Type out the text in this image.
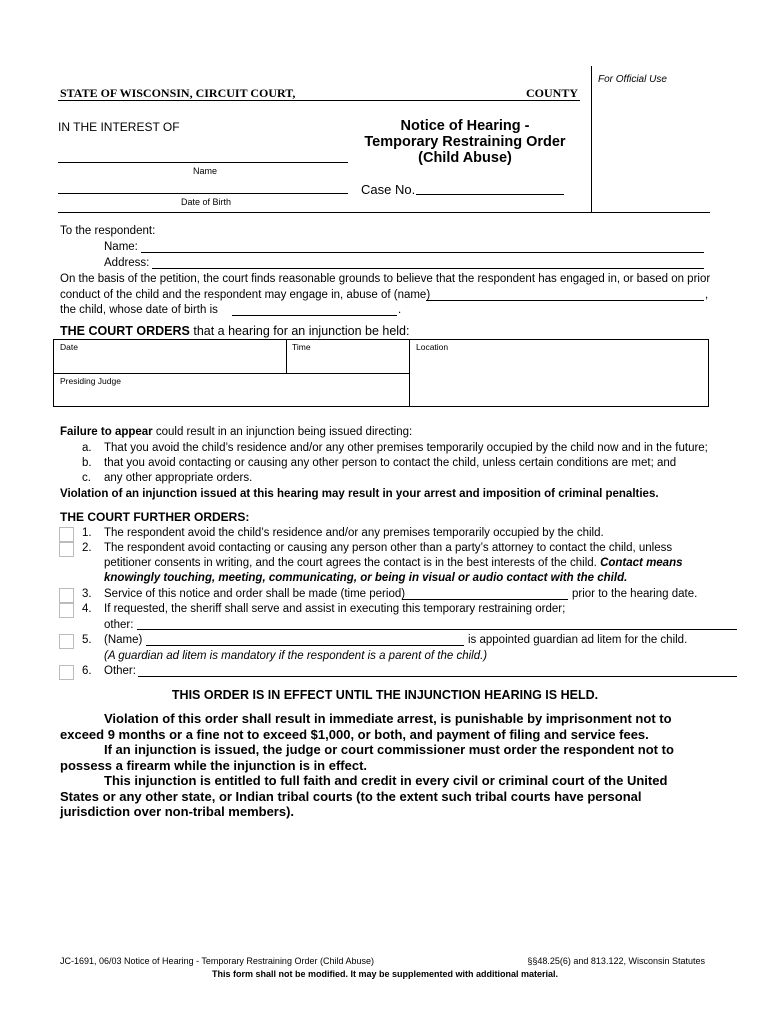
For Official Use
STATE OF WISCONSIN, CIRCUIT COURT,	COUNTY
IN THE INTEREST OF
Name
Date of Birth
Notice of Hearing -
Temporary Restraining Order
(Child Abuse)
Case No.
To the respondent:
Name:
Address:
On the basis of the petition, the court finds reasonable grounds to believe that the respondent has engaged in, or based on prior
conduct of the child and the respondent may engage in, abuse of (name)	,
the child, whose date of birth is	.
THE COURT ORDERS that a hearing for an injunction be held:
Date	Time	Location
Presiding Judge
Failure to appear could result in an injunction being issued directing:
a. That you avoid the child’s residence and/or any other premises temporarily occupied by the child now and in the future;
b. that you avoid contacting or causing any other person to contact the child, unless certain conditions are met; and
c. any other appropriate orders.
Violation of an injunction issued at this hearing may result in your arrest and imposition of criminal penalties.
THE COURT FURTHER ORDERS:
1. The respondent avoid the child’s residence and/or any premises temporarily occupied by the child.
2. The respondent avoid contacting or causing any person other than a party’s attorney to contact the child, unless
petitioner consents in writing, and the court agrees the contact is in the best interests of the child. Contact means
knowingly touching, meeting, communicating, or being in visual or audio contact with the child.
3. Service of this notice and order shall be made (time period)	prior to the hearing date.
4. If requested, the sheriff shall serve and assist in executing this temporary restraining order;
other:
5. (Name)	is appointed guardian ad litem for the child.
(A guardian ad litem is mandatory if the respondent is a parent of the child.)
6. Other:
THIS ORDER IS IN EFFECT UNTIL THE INJUNCTION HEARING IS HELD.
Violation of this order shall result in immediate arrest, is punishable by imprisonment not to exceed 9 months or a fine not to exceed $1,000, or both, and payment of filing and service fees.
If an injunction is issued, the judge or court commissioner must order the respondent not to possess a firearm while the injunction is in effect.
This injunction is entitled to full faith and credit in every civil or criminal court of the United States or any other state, or Indian tribal courts (to the extent such tribal courts have personal jurisdiction over non-tribal members).
JC-1691, 06/03 Notice of Hearing - Temporary Restraining Order (Child Abuse)	§§48.25(6) and 813.122, Wisconsin Statutes
This form shall not be modified. It may be supplemented with additional material.
